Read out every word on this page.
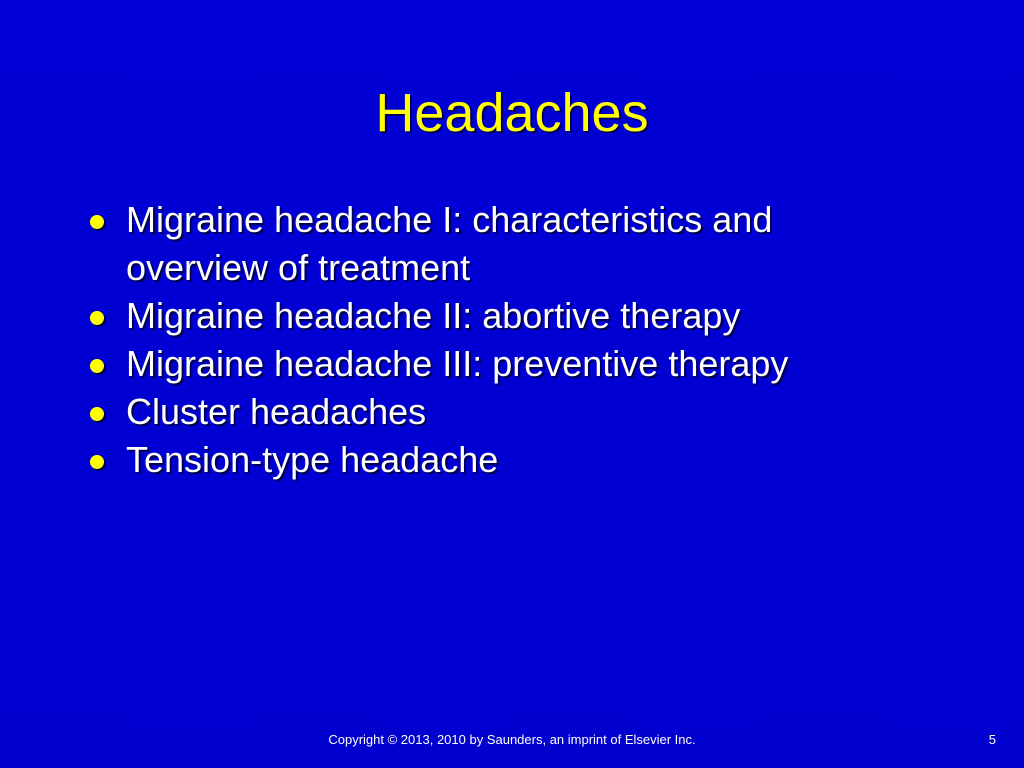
Headaches
Migraine headache I: characteristics and overview of treatment
Migraine headache II: abortive therapy
Migraine headache III: preventive therapy
Cluster headaches
Tension-type headache
Copyright © 2013, 2010 by Saunders, an imprint of Elsevier Inc.	5
